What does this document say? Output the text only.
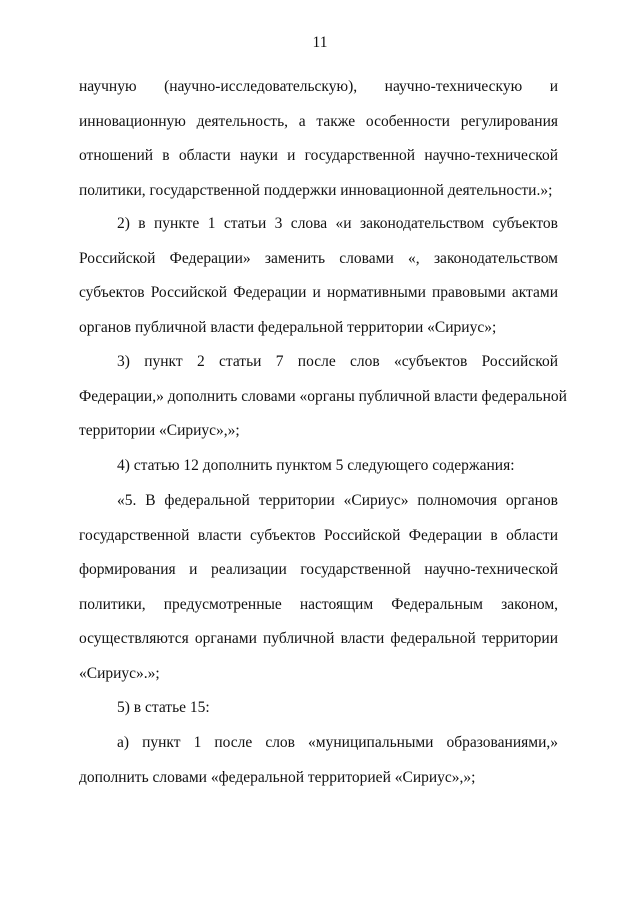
11
научную (научно-исследовательскую), научно-техническую и
инновационную деятельность, а также особенности регулирования
отношений в области науки и государственной научно-технической
политики, государственной поддержки инновационной деятельности.»;
2) в пункте 1 статьи 3 слова «и законодательством субъектов
Российской Федерации» заменить словами «, законодательством
субъектов Российской Федерации и нормативными правовыми актами
органов публичной власти федеральной территории «Сириус»;
3) пункт 2 статьи 7 после слов «субъектов Российской
Федерации,» дополнить словами «органы публичной власти федеральной
территории «Сириус»,»;
4) статью 12 дополнить пунктом 5 следующего содержания:
«5. В федеральной территории «Сириус» полномочия органов
государственной власти субъектов Российской Федерации в области
формирования и реализации государственной научно-технической
политики, предусмотренные настоящим Федеральным законом,
осуществляются органами публичной власти федеральной территории
«Сириус».»;
5) в статье 15:
а) пункт 1 после слов «муниципальными образованиями,»
дополнить словами «федеральной территорией «Сириус»,»;
